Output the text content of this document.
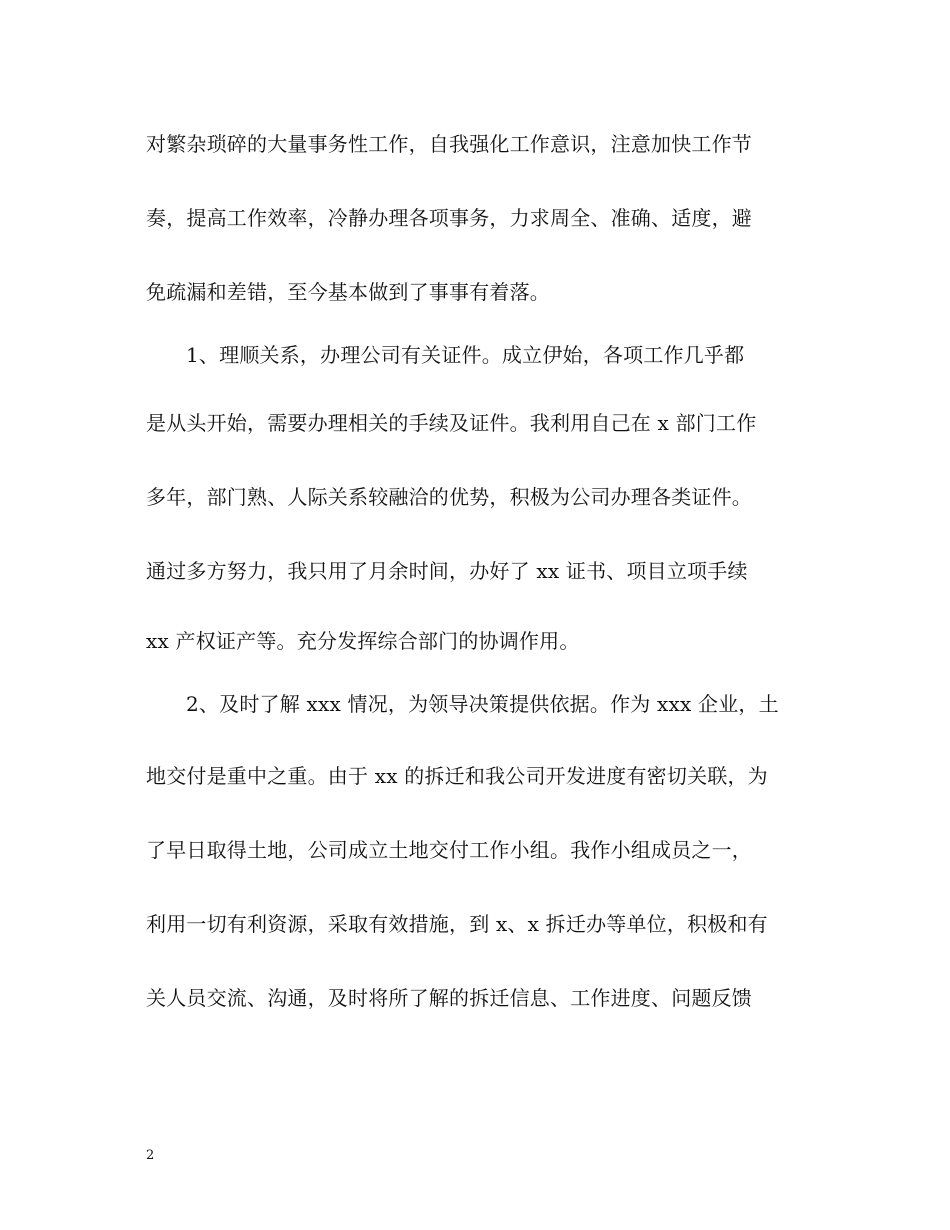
对繁杂琐碎的大量事务性工作，自我强化工作意识，注意加快工作节
奏，提高工作效率，冷静办理各项事务，力求周全、准确、适度，避
免疏漏和差错，至今基本做到了事事有着落。
1、理顺关系，办理公司有关证件。成立伊始，各项工作几乎都
是从头开始，需要办理相关的手续及证件。我利用自己在 x 部门工作
多年，部门熟、人际关系较融洽的优势，积极为公司办理各类证件。
通过多方努力，我只用了月余时间，办好了 xx 证书、项目立项手续
xx 产权证产等。充分发挥综合部门的协调作用。
2、及时了解 xxx 情况，为领导决策提供依据。作为 xxx 企业，土
地交付是重中之重。由于 xx 的拆迁和我公司开发进度有密切关联，为
了早日取得土地，公司成立土地交付工作小组。我作小组成员之一，
利用一切有利资源，采取有效措施，到 x、x 拆迁办等单位，积极和有
关人员交流、沟通，及时将所了解的拆迁信息、工作进度、问题反馈
2
